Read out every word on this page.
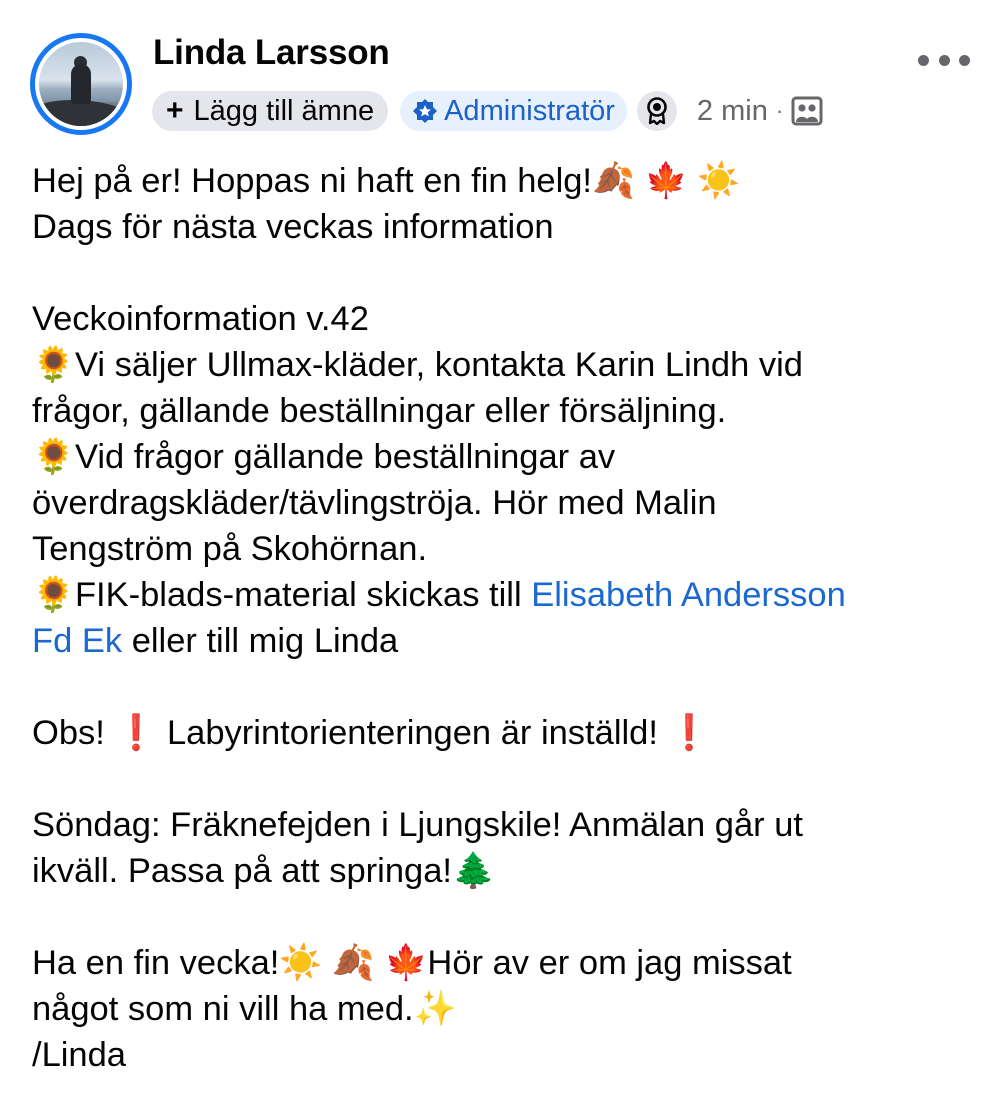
Linda Larsson
+ Lägg till ämne Administratör	2 min ·
Hej på er! Hoppas ni haft en fin helg!🍂 🍁 ☀️
Dags för nästa veckas information
Veckoinformation v.42
🌻Vi säljer Ullmax-kläder, kontakta Karin Lindh vid
frågor, gällande beställningar eller försäljning.
🌻Vid frågor gällande beställningar av
överdragskläder/tävlingströja. Hör med Malin
Tengström på Skohörnan.
🌻FIK-blads-material skickas till Elisabeth Andersson
Fd Ek eller till mig Linda
Obs! ❗ Labyrintorienteringen är inställd! ❗
Söndag: Fräknefejden i Ljungskile! Anmälan går ut
ikväll. Passa på att springa!🌲
Ha en fin vecka!☀️ 🍂 🍁Hör av er om jag missat
något som ni vill ha med.✨
/Linda
